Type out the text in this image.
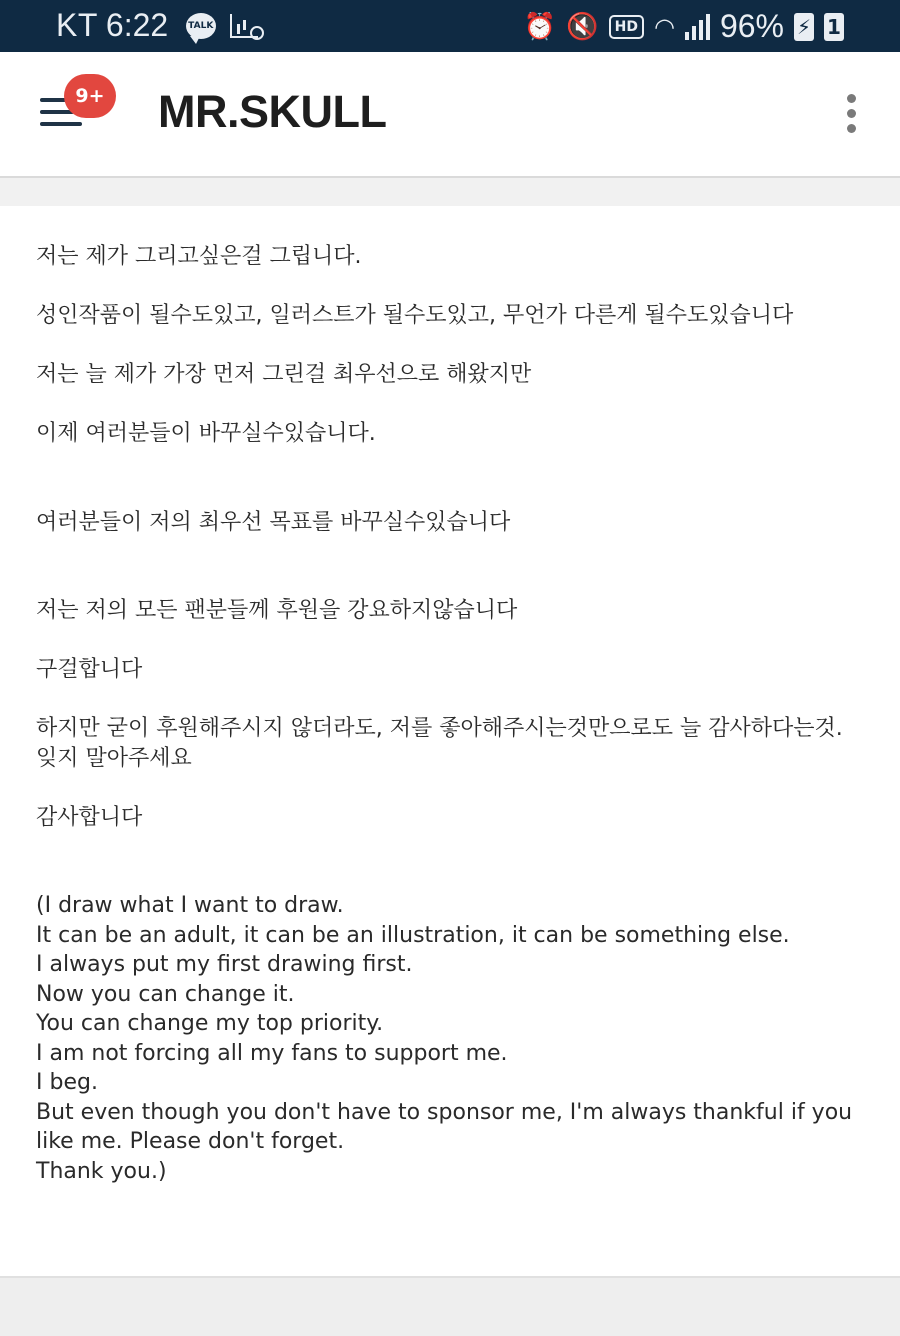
KT 6:22 TALK	⏰ 🔇	HD ◠ 96% ⚡ 1
9+ MR.SKULL

저는 제가 그리고싶은걸 그립니다.

성인작품이 될수도있고, 일러스트가 될수도있고, 무언가 다른게 될수도있습니다

저는 늘 제가 가장 먼저 그린걸 최우선으로 해왔지만

이제 여러분들이 바꾸실수있습니다.

여러분들이 저의 최우선 목표를 바꾸실수있습니다

저는 저의 모든 팬분들께 후원을 강요하지않습니다

구걸합니다

하지만 굳이 후원해주시지 않더라도, 저를 좋아해주시는것만으로도 늘 감사하다는것. 잊지 말아주세요

감사합니다

(I draw what I want to draw.

It can be an adult, it can be an illustration, it can be something else.

I always put my first drawing first.

Now you can change it.

You can change my top priority.

I am not forcing all my fans to support me.

I beg.

But even though you don't have to sponsor me, I'm always thankful if you like me. Please don't forget.

Thank you.)
